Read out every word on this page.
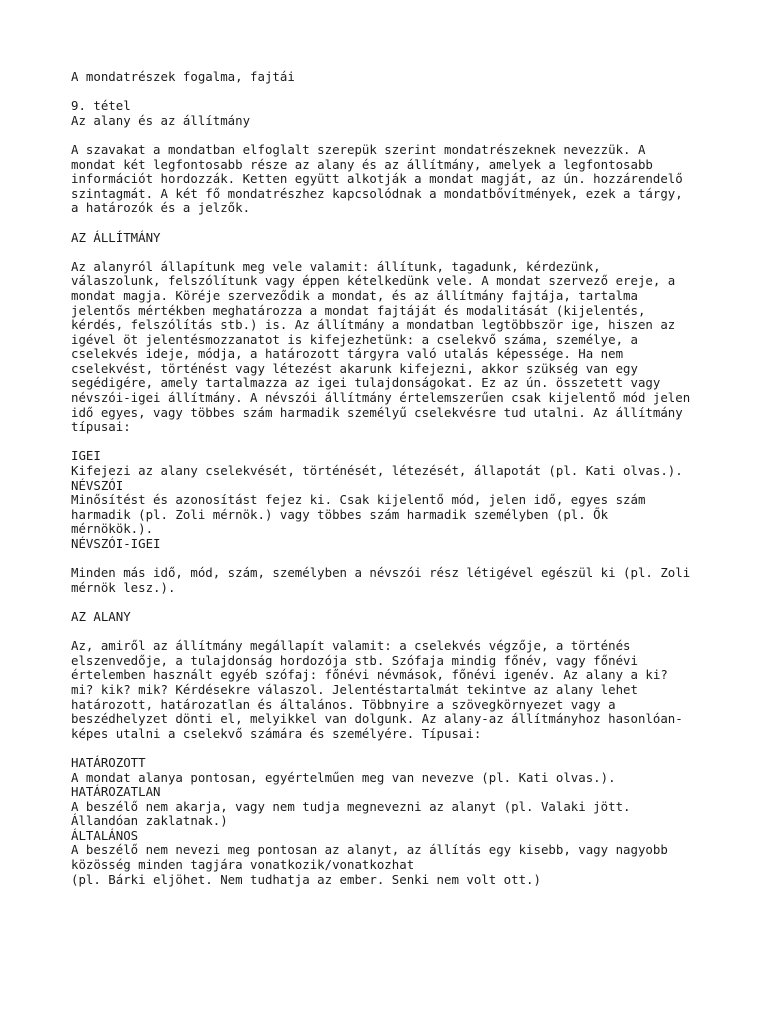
A mondatrészek fogalma, fajtái
9. tétel
Az alany és az állítmány
A szavakat a mondatban elfoglalt szerepük szerint mondatrészeknek nevezzük. A
mondat két legfontosabb része az alany és az állítmány, amelyek a legfontosabb
információt hordozzák. Ketten együtt alkotják a mondat magját, az ún. hozzárendelő
szintagmát. A két fő mondatrészhez kapcsolódnak a mondatbővítmények, ezek a tárgy,
a határozók és a jelzők.
AZ ÁLLÍTMÁNY
Az alanyról állapítunk meg vele valamit: állítunk, tagadunk, kérdezünk,
válaszolunk, felszólítunk vagy éppen kételkedünk vele. A mondat szervező ereje, a
mondat magja. Köréje szerveződik a mondat, és az állítmány fajtája, tartalma
jelentős mértékben meghatározza a mondat fajtáját és modalitását (kijelentés,
kérdés, felszólítás stb.) is. Az állítmány a mondatban legtöbbször ige, hiszen az
igével öt jelentésmozzanatot is kifejezhetünk: a cselekvő száma, személye, a
cselekvés ideje, módja, a határozott tárgyra való utalás képessége. Ha nem
cselekvést, történést vagy létezést akarunk kifejezni, akkor szükség van egy
segédigére, amely tartalmazza az igei tulajdonságokat. Ez az ún. összetett vagy
névszói-igei állítmány. A névszói állítmány értelemszerűen csak kijelentő mód jelen
idő egyes, vagy többes szám harmadik személyű cselekvésre tud utalni. Az állítmány
típusai:
IGEI
Kifejezi az alany cselekvését, történését, létezését, állapotát (pl. Kati olvas.).
NÉVSZÓI
Minősítést és azonosítást fejez ki. Csak kijelentő mód, jelen idő, egyes szám
harmadik (pl. Zoli mérnök.) vagy többes szám harmadik személyben (pl. Ők
mérnökök.).
NÉVSZÓI-IGEI
Minden más idő, mód, szám, személyben a névszói rész létigével egészül ki (pl. Zoli
mérnök lesz.).
AZ ALANY
Az, amiről az állítmány megállapít valamit: a cselekvés végzője, a történés
elszenvedője, a tulajdonság hordozója stb. Szófaja mindig főnév, vagy főnévi
értelemben használt egyéb szófaj: főnévi névmások, főnévi igenév. Az alany a ki?
mi? kik? mik? Kérdésekre válaszol. Jelentéstartalmát tekintve az alany lehet
határozott, határozatlan és általános. Többnyire a szövegkörnyezet vagy a
beszédhelyzet dönti el, melyikkel van dolgunk. Az alany-az állítmányhoz hasonlóan-
képes utalni a cselekvő számára és személyére. Típusai:
HATÁROZOTT
A mondat alanya pontosan, egyértelműen meg van nevezve (pl. Kati olvas.).
HATÁROZATLAN
A beszélő nem akarja, vagy nem tudja megnevezni az alanyt (pl. Valaki jött.
Állandóan zaklatnak.)
ÁLTALÁNOS
A beszélő nem nevezi meg pontosan az alanyt, az állítás egy kisebb, vagy nagyobb
közösség minden tagjára vonatkozik/vonatkozhat
(pl. Bárki eljöhet. Nem tudhatja az ember. Senki nem volt ott.)
